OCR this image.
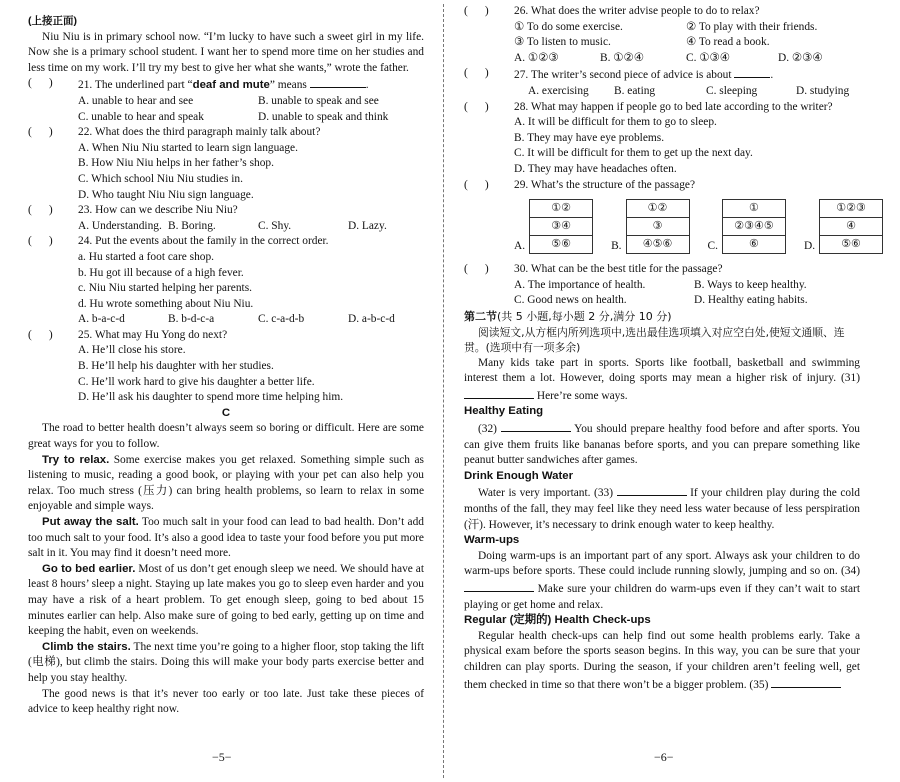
(上接正面)

Niu Niu is in primary school now. “I’m lucky to have such a sweet girl in my life. Now she is a primary school student. I want her to spend more time on her studies and less time on my work. I’ll try my best to give her what she wants,” wrote the father.

(      )	21. The underlined part “deaf and mute” means	.
A. unable to hear and see	B. unable to speak and see
C. unable to hear and speak	D. unable to speak and think
(      )	22. What does the third paragraph mainly talk about?
A. When Niu Niu started to learn sign language.
B. How Niu Niu helps in her father’s shop.
C. Which school Niu Niu studies in.
D. Who taught Niu Niu sign language.
(      )	23. How can we describe Niu Niu?
A. Understanding. B. Boring.	C. Shy.	D. Lazy.
(      )	24. Put the events about the family in the correct order.
a. Hu started a foot care shop.
b. Hu got ill because of a high fever.
c. Niu Niu started helping her parents.
d. Hu wrote something about Niu Niu.
A. b-a-c-d	B. b-d-c-a	C. c-a-d-b	D. a-b-c-d
(      )	25. What may Hu Yong do next?
A. He’ll close his store.
B. He’ll help his daughter with her studies.
C. He’ll work hard to give his daughter a better life.
D. He’ll ask his daughter to spend more time helping him.

C

The road to better health doesn’t always seem so boring or difficult. Here are some great ways for you to follow.

Try to relax. Some exercise makes you get relaxed. Something simple such as listening to music, reading a good book, or playing with your pet can also help you relax. Too much stress (压力) can bring health problems, so learn to relax in some enjoyable and simple ways.

Put away the salt. Too much salt in your food can lead to bad health. Don’t add too much salt to your food. It’s also a good idea to taste your food before you put more salt in it. You may find it doesn’t need more.

Go to bed earlier. Most of us don’t get enough sleep we need. We should have at least 8 hours’ sleep a night. Staying up late makes you go to sleep even harder and you may have a risk of a heart problem. To get enough sleep, going to bed about 15 minutes earlier can help. Also make sure of going to bed early, getting up on time and keeping the habit, even on weekends.

Climb the stairs. The next time you’re going to a higher floor, stop taking the lift (电梯), but climb the stairs. Doing this will make your body parts exercise better and help you stay healthy.

The good news is that it’s never too early or too late. Just take these pieces of advice to keep healthy right now.

−5−
(      )	26. What does the writer advise people to do to relax?
① To do some exercise.	② To play with their friends.
③ To listen to music.	④ To read a book.
A. ①②③	B. ①②④	C. ①③④	D. ②③④
(      )	27. The writer’s second piece of advice is about	.
A. exercising	B. eating	C. sleeping	D. studying
(      )	28. What may happen if people go to bed late according to the writer?
A. It will be difficult for them to go to sleep.
B. They may have eye problems.
C. It will be difficult for them to get up the next day.
D. They may have headaches often.
(      )	29. What’s the structure of the passage?
A.
①②
③④
⑤⑥	B.
①②
③
④⑤⑥	C.
①
②③④⑤
⑥	D.
①②③
④
⑤⑥
(      )	30. What can be the best title for the passage?
A. The importance of health.	B. Ways to keep healthy.
C. Good news on health.	D. Healthy eating habits.

第二节(共 5 小题,每小题 2 分,满分 10 分)

阅读短文,从方框内所列选项中,选出最佳选项填入对应空白处,使短文通顺、连贯。(选项中有一项多余)

Many kids take part in sports. Sports like football, basketball and swimming interest them a lot. However, doing sports may mean a higher risk of injury. (31)  Here’re some ways.

Healthy Eating

(32)	You should prepare healthy food before and after sports. You can give them fruits like bananas before sports, and you can prepare something like peanut butter sandwiches after games.

Drink Enough Water

Water is very important. (33)	If your children play during the cold months of the fall, they may feel like they need less water because of less perspiration (汗). However, it’s necessary to drink enough water to keep healthy.

Warm-ups

Doing warm-ups is an important part of any sport. Always ask your children to do warm-ups before sports. These could include running slowly, jumping and so on. (34)  Make sure your children do warm-ups even if they can’t wait to start playing or get home and relax.

Regular (定期的) Health Check-ups

Regular health check-ups can help find out some health problems early. Take a physical exam before the sports season begins. In this way, you can be sure that your children can play sports. During the season, if your children aren’t feeling well, get them checked in time so that there won’t be a bigger problem. (35)

−6−
